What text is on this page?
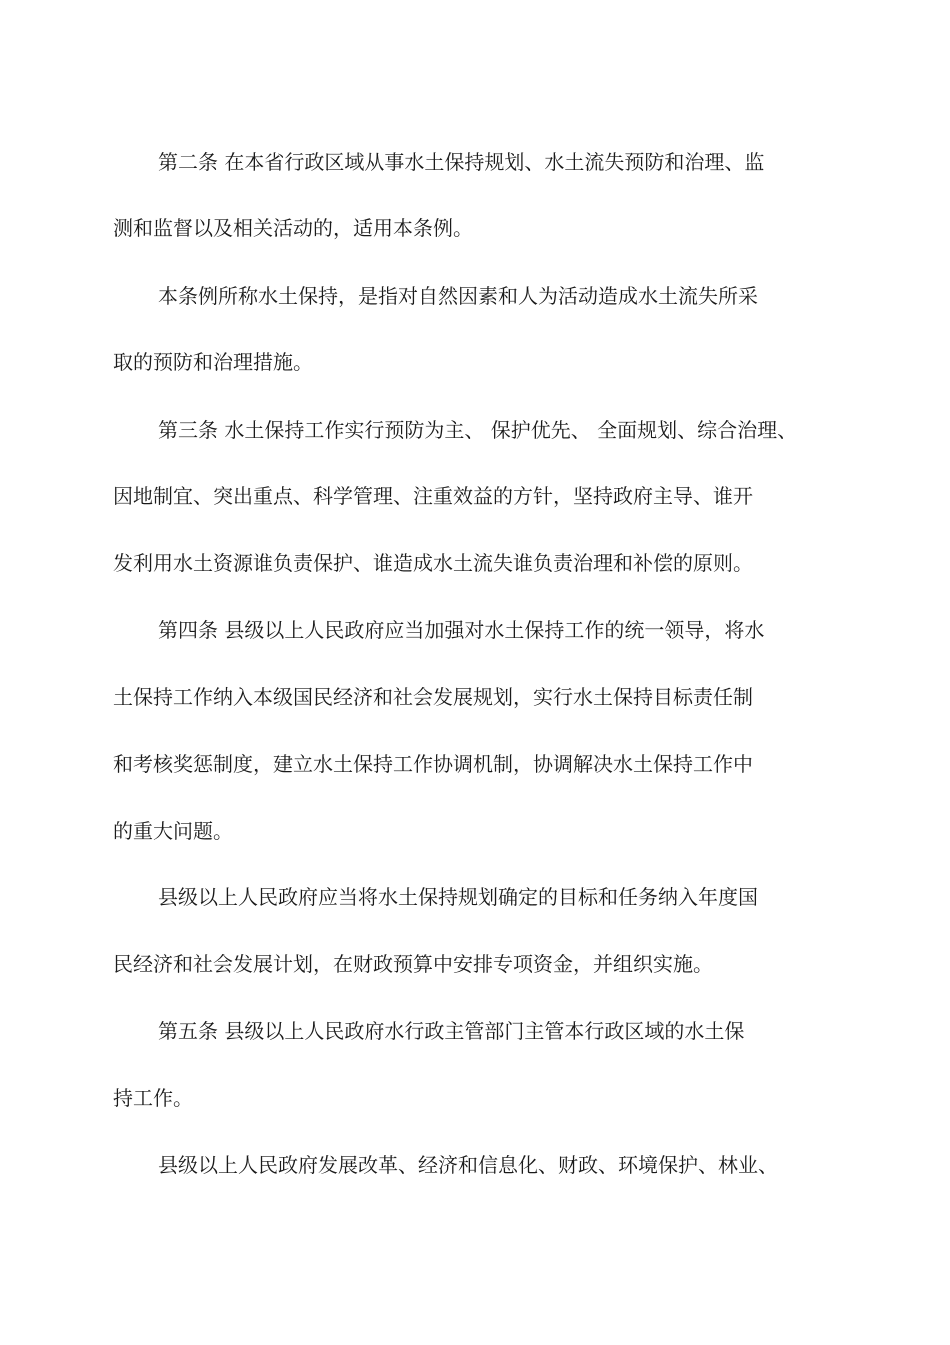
第二条 在本省行政区域从事水土保持规划、水土流失预防和治理、监
测和监督以及相关活动的，适用本条例。
本条例所称水土保持，是指对自然因素和人为活动造成水土流失所采
取的预防和治理措施。
第三条 水土保持工作实行预防为主、 保护优先、 全面规划、综合治理、
因地制宜、突出重点、科学管理、注重效益的方针，坚持政府主导、谁开
发利用水土资源谁负责保护、谁造成水土流失谁负责治理和补偿的原则。
第四条 县级以上人民政府应当加强对水土保持工作的统一领导，将水
土保持工作纳入本级国民经济和社会发展规划，实行水土保持目标责任制
和考核奖惩制度，建立水土保持工作协调机制，协调解决水土保持工作中
的重大问题。
县级以上人民政府应当将水土保持规划确定的目标和任务纳入年度国
民经济和社会发展计划，在财政预算中安排专项资金，并组织实施。
第五条 县级以上人民政府水行政主管部门主管本行政区域的水土保
持工作。
县级以上人民政府发展改革、经济和信息化、财政、环境保护、林业、
